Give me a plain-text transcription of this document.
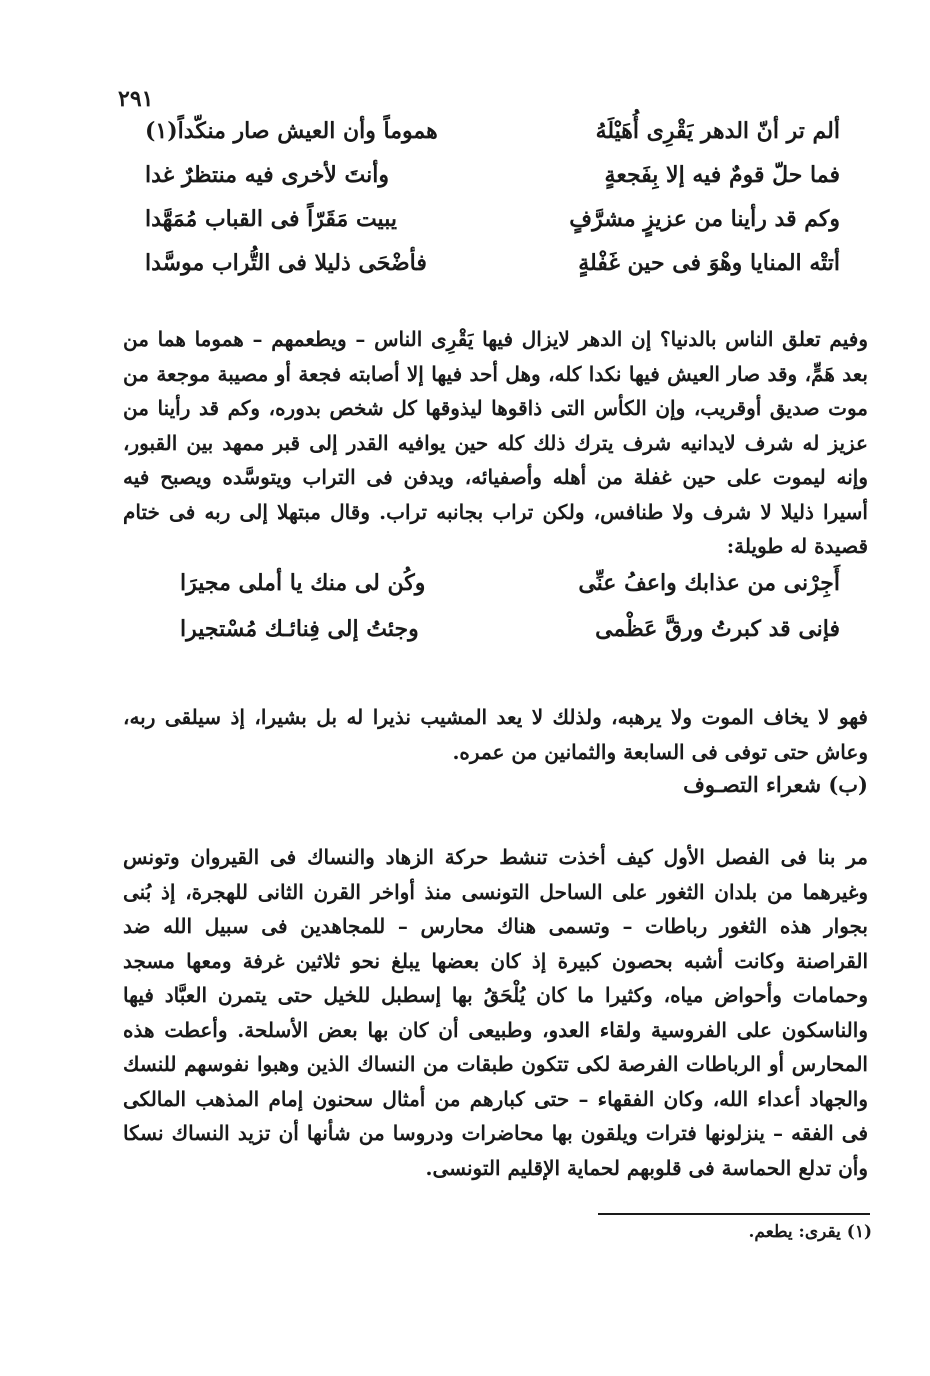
٢٩١
ألم تر أنّ الدهر يَقْرِى أُهَيْلَهُ
هموماً وأن العيش صار منكّداً(١)
فما حلّ قومٌ فيه إلا بِفَجعةٍ
وأنتَ لأخرى فيه منتظرٌ غدا
وكم قد رأينا من عزيزٍ مشرَّفٍ
يبيت مَقَرّاً فى القباب مُمَهَّدا
أتتْه المنايا وهْوَ فى حين غَفْلةٍ
فأضْحَى ذليلا فى التُّراب موسَّدا

وفيم تعلق الناس بالدنيا؟ إن الدهر لايزال فيها يَقْرِى الناس – ويطعمهم – هموما هما من بعد هَمٍّ، وقد صار العيش فيها نكدا كله، وهل أحد فيها إلا أصابته فجعة أو مصيبة موجعة من موت صديق أوقريب، وإن الكأس التى ذاقوها ليذوقها كل شخص بدوره، وكم قد رأينا من عزيز له شرف لايدانيه شرف يترك ذلك كله حين يوافيه القدر إلى قبر ممهد بين القبور، وإنه ليموت على حين غفلة من أهله وأصفيائه، ويدفن فى التراب ويتوسَّده ويصبح فيه أسيرا ذليلا لا شرف ولا طنافس، ولكن تراب بجانبه تراب. وقال مبتهلا إلى ربه فى ختام قصيدة له طويلة:

أَجِرْنى من عذابك واعفُ عنِّى
وكُن لى منك يا أملى مجيرَا
فإنى قد كبرتُ ورقَّ عَظْمى
وجئتُ إلى فِنائـك مُسْتجيرا

فهو لا يخاف الموت ولا يرهبه، ولذلك لا يعد المشيب نذيرا له بل بشيرا، إذ سيلقى ربه، وعاش حتى توفى فى السابعة والثمانين من عمره.

(ب) شعراء التصـوف

مر بنا فى الفصل الأول كيف أخذت تنشط حركة الزهاد والنساك فى القيروان وتونس وغيرهما من بلدان الثغور على الساحل التونسى منذ أواخر القرن الثانى للهجرة، إذ بُنى بجوار هذه الثغور رباطات – وتسمى هناك محارس – للمجاهدين فى سبيل الله ضد القراصنة وكانت أشبه بحصون كبيرة إذ كان بعضها يبلغ نحو ثلاثين غرفة ومعها مسجد وحمامات وأحواض مياه، وكثيرا ما كان يُلْحَقُ بها إسطبل للخيل حتى يتمرن العبَّاد فيها والناسكون على الفروسية ولقاء العدو، وطبيعى أن كان بها بعض الأسلحة. وأعطت هذه المحارس أو الرباطات الفرصة لكى تتكون طبقات من النساك الذين وهبوا نفوسهم للنسك والجهاد أعداء الله، وكان الفقهاء – حتى كبارهم من أمثال سحنون إمام المذهب المالكى فى الفقه – ينزلونها فترات ويلقون بها محاضرات ودروسا من شأنها أن تزيد النساك نسكا وأن تدلع الحماسة فى قلوبهم لحماية الإقليم التونسى.

(١) يقرى: يطعم.
